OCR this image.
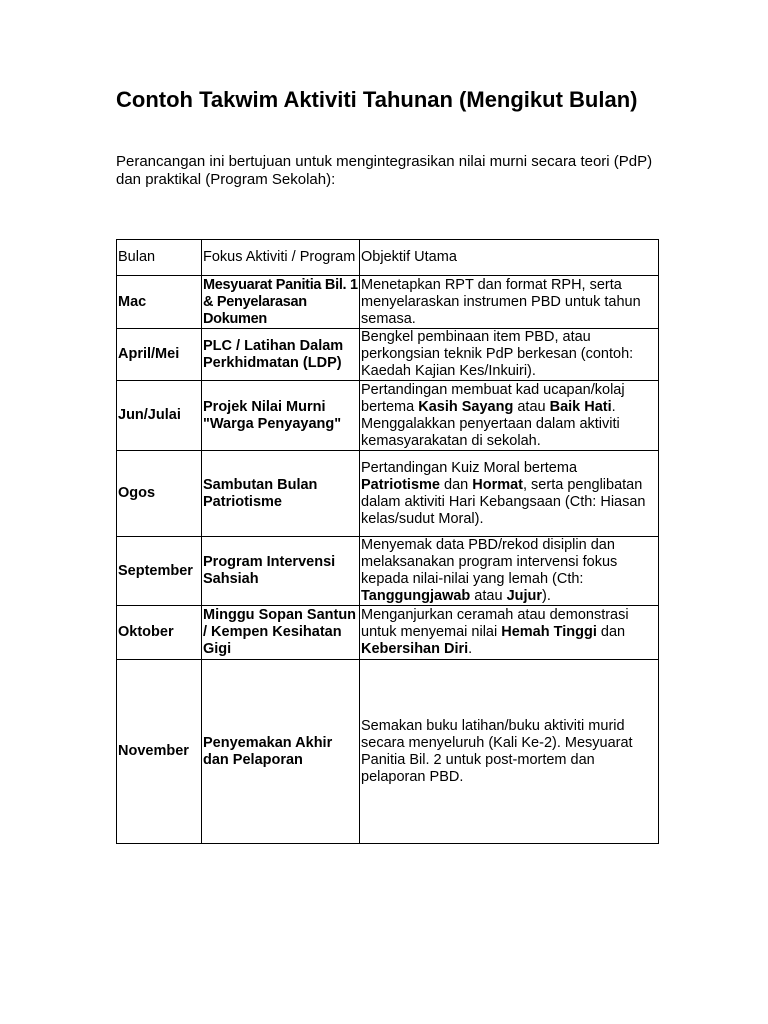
Contoh Takwim Aktiviti Tahunan (Mengikut Bulan)

Perancangan ini bertujuan untuk mengintegrasikan nilai murni secara teori (PdP) dan praktikal (Program Sekolah):

Bulan	Fokus Aktiviti / Program	Objektif Utama
Mac	Mesyuarat Panitia Bil. 1 & Penyelarasan Dokumen	Menetapkan RPT dan format RPH, serta menyelaraskan instrumen PBD untuk tahun semasa.
April/Mei	PLC / Latihan Dalam Perkhidmatan (LDP)	Bengkel pembinaan item PBD, atau perkongsian teknik PdP berkesan (contoh: Kaedah Kajian Kes/Inkuiri).
Jun/Julai	Projek Nilai Murni "Warga Penyayang"	Pertandingan membuat kad ucapan/kolaj bertema Kasih Sayang atau Baik Hati. Menggalakkan penyertaan dalam aktiviti kemasyarakatan di sekolah.
Ogos	Sambutan Bulan Patriotisme	Pertandingan Kuiz Moral bertema Patriotisme dan Hormat, serta penglibatan dalam aktiviti Hari Kebangsaan (Cth: Hiasan kelas/sudut Moral).
September	Program Intervensi Sahsiah	Menyemak data PBD/rekod disiplin dan melaksanakan program intervensi fokus kepada nilai-nilai yang lemah (Cth: Tanggungjawab atau Jujur).
Oktober	Minggu Sopan Santun / Kempen Kesihatan Gigi	Menganjurkan ceramah atau demonstrasi untuk menyemai nilai Hemah Tinggi dan Kebersihan Diri.
November	Penyemakan Akhir dan Pelaporan	Semakan buku latihan/buku aktiviti murid secara menyeluruh (Kali Ke-2). Mesyuarat Panitia Bil. 2 untuk post-mortem dan pelaporan PBD.
